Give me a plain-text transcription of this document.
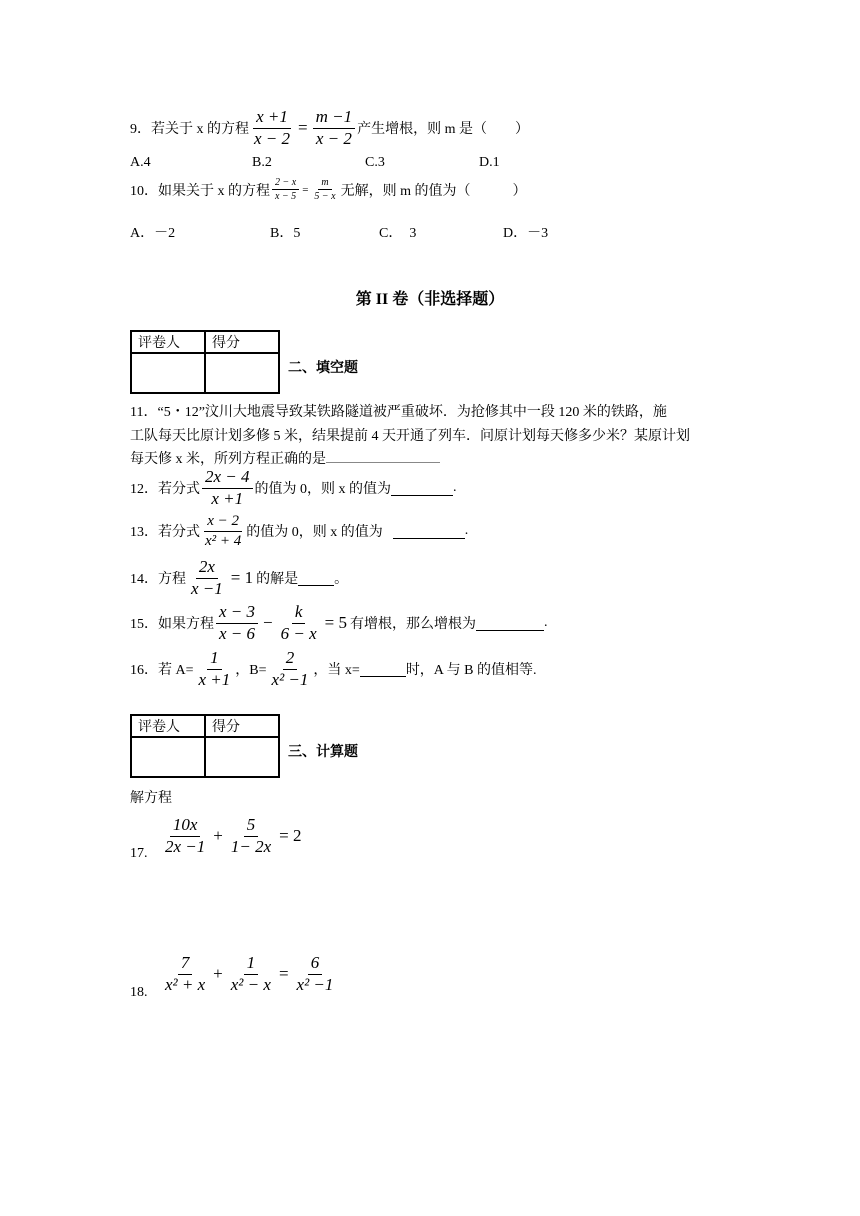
9．若关于 x 的方程 $\frac{x +1}{x - 2} = \frac{m -1}{x - 2}$ 产生增根，则 m 是（　　）
A.4	B.2	C.3	D.1
10．如果关于 x 的方程 $\frac{2 - x}{x - 5} = \frac{m}{5 - x}$ 无解，则 m 的值为（　　　）
A．－2	B．5	C．　3	D．－3
第 II 卷（非选择题）
评卷人	得分

二、填空题
11．“5・12”汶川大地震导致某铁路隧道被严重破坏．为抢修其中一段 120 米的铁路，施
工队每天比原计划多修 5 米，结果提前 4 天开通了列车．问原计划每天修多少米？某原计划
每天修 x 米，所列方程正确的是
12．若分式 $\frac{2x - 4}{x +1}$ 的值为 0，则 x 的值为	.
13．若分式 $\frac{x - 2}{\text{x² + 4}}$ 的值为 0，则 x 的值为	.
14．方程 $\frac{2x}{x -1} = 1$ 的解是	。
15．如果方程 $\frac{x - 3}{x - 6} - \frac{k}{6 - x} = 5$ 有增根，那么增根为	.
16．若 $A= \frac{1}{x +1}$ ，$B= \frac{2}{\text{x² −1}}$ ，当 x=	时，A 与 B 的值相等.
评卷人	得分

三、计算题
解方程
17. $\frac{10x}{2x -1} + \frac{5}{1- 2x} = 2$
18. $\frac{7}{\text{x² + x}} + \frac{1}{\text{x² − x}} = \frac{6}{\text{x² −1}}$
